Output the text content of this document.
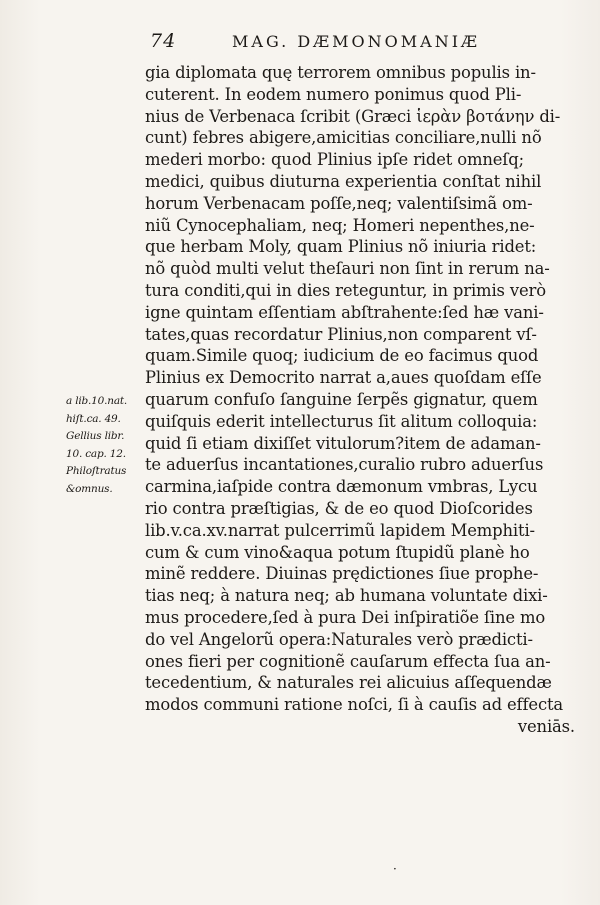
74	MAG. DÆMONOMANIÆ
gia diplomata quę terrorem omnibus populis in-
cuterent. In eodem numero ponimus quod Pli-
nius de Verbenaca ſcribit (Græci ἱερὰν βοτάνην di-
cunt) febres abigere,amicitias conciliare,nulli nõ
mederi morbo: quod Plinius ipſe ridet omneſq;
medici, quibus diuturna experientia conſtat nihil
horum Verbenacam poſſe,neq; valentiſsimã om-
niũ Cynocephaliam, neq; Homeri nepenthes,ne-
que herbam Moly, quam Plinius nõ iniuria ridet:
nõ quòd multi velut theſauri non ſint in rerum na-
tura conditi,qui in dies reteguntur, in primis verò
igne quintam eſſentiam abſtrahente:ſed hæ vani-
tates,quas recordatur Plinius,non comparent vſ-
quam.Simile quoq; iudicium de eo facimus quod
Plinius ex Democrito narrat a,aues quoſdam eſſe
quarum confuſo ſanguine ſerpẽs gignatur, quem
quiſquis ederit intellecturus ſit alitum colloquia:
quid ſi etiam dixiſſet vitulorum?item de adaman-
te aduerſus incantationes,curalio rubro aduerſus
carmina,iaſpide contra dæmonum vmbras, Lycu
rio contra præſtigias, & de eo quod Dioſcorides
lib.v.ca.xv.narrat pulcerrimũ lapidem Memphiti-
cum & cum vino&aqua potum ſtupidũ planè ho
minẽ reddere. Diuinas prędictiones ſiue prophe-
tias neq; à natura neq; ab humana voluntate dixi-
mus procedere,ſed à pura Dei inſpiratiõe ſine mo
do vel Angelorũ opera:Naturales verò prædicti-
ones fieri per cognitionẽ cauſarum effecta ſua an-
tecedentium, & naturales rei alicuius aſſequendæ
modos communi ratione noſci, ſi à cauſis ad effecta
veniās.
a lib.10.nat.
hiſt.ca. 49.
Gellius libr.
10. cap. 12.
Philoſtratus
&omnus.
·
